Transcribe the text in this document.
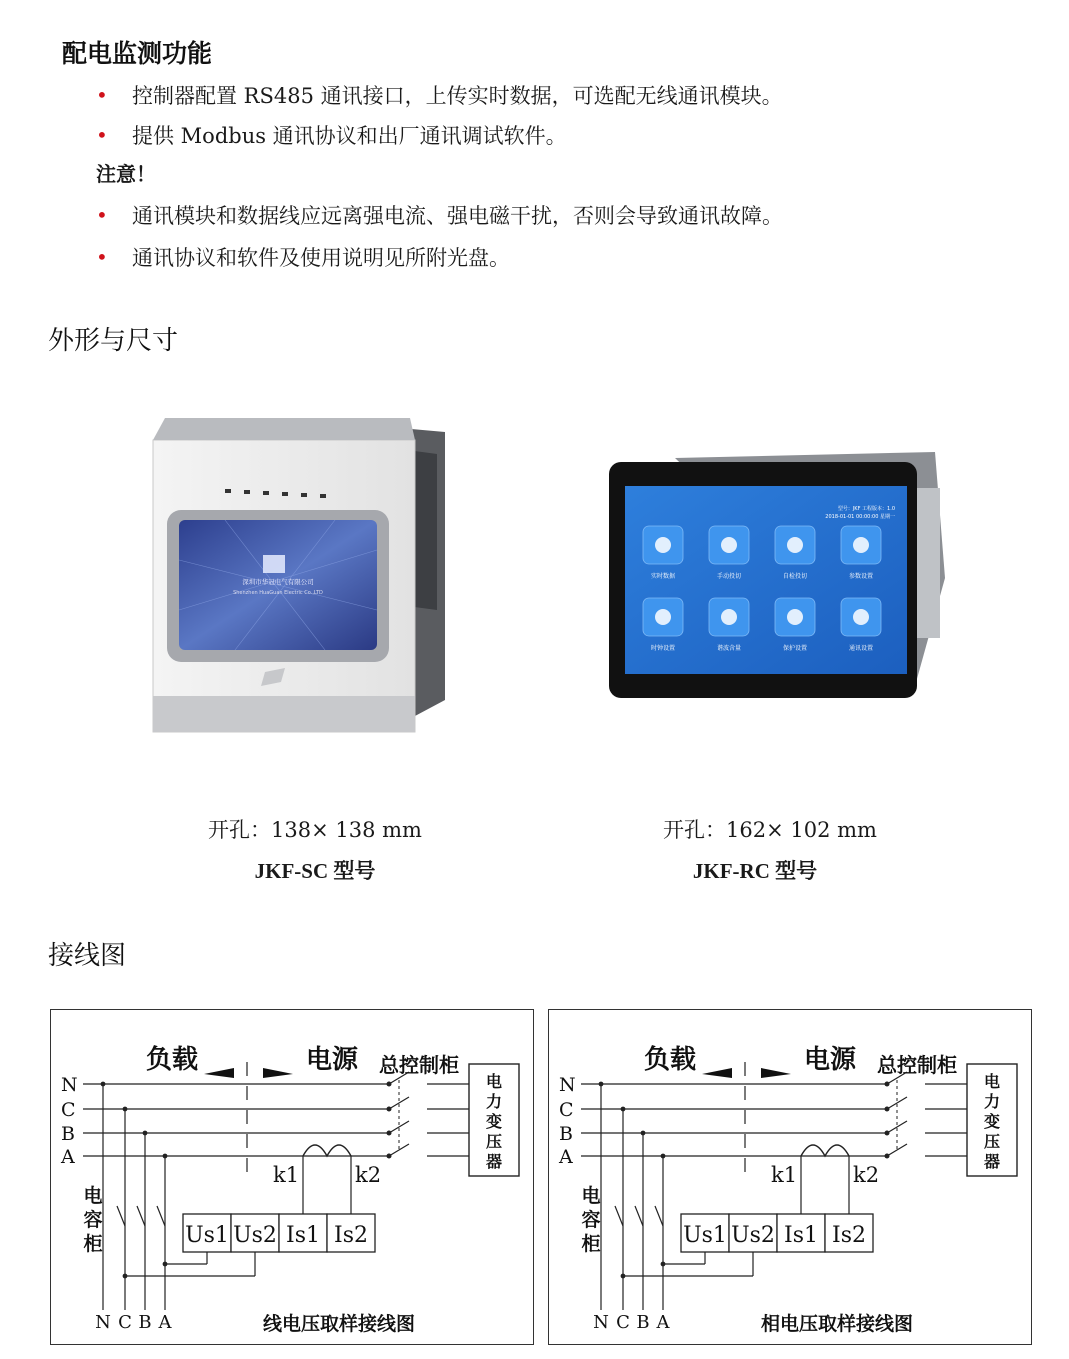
配电监测功能
•	控制器配置 RS485 通讯接口，上传实时数据，可选配无线通讯模块。
•	提供 Modbus 通讯协议和出厂通讯调试软件。
注意！
•	通讯模块和数据线应远离强电流、强电磁干扰，否则会导致通讯故障。
•	通讯协议和软件及使用说明见所附光盘。
外形与尺寸
深圳市华冠电气有限公司
Shenzhen HuaGuan Electric Co.,LTD
开孔：138× 138 mm
JKF-SC 型号
型号：JKF 工程版本：1.0
2018-01-01 00:00:00 星期一
实时数据	手动投切	自检投切	参数设置
时钟设置	谐波含量	保护设置	通讯设置
开孔：162× 102 mm
JKF-RC 型号
接线图
N
C
B
A
负载	电源 总控制柜
电
力
变
压
器
k1	k2
电
容
柜	Us1 Us2 Is1 Is2
N C B A	线电压取样接线图
N
C
B
A
负载	电源 总控制柜
电
力
变
压
器
k1	k2
电
容
柜	Us1 Us2 Is1 Is2
N C B A	相电压取样接线图
